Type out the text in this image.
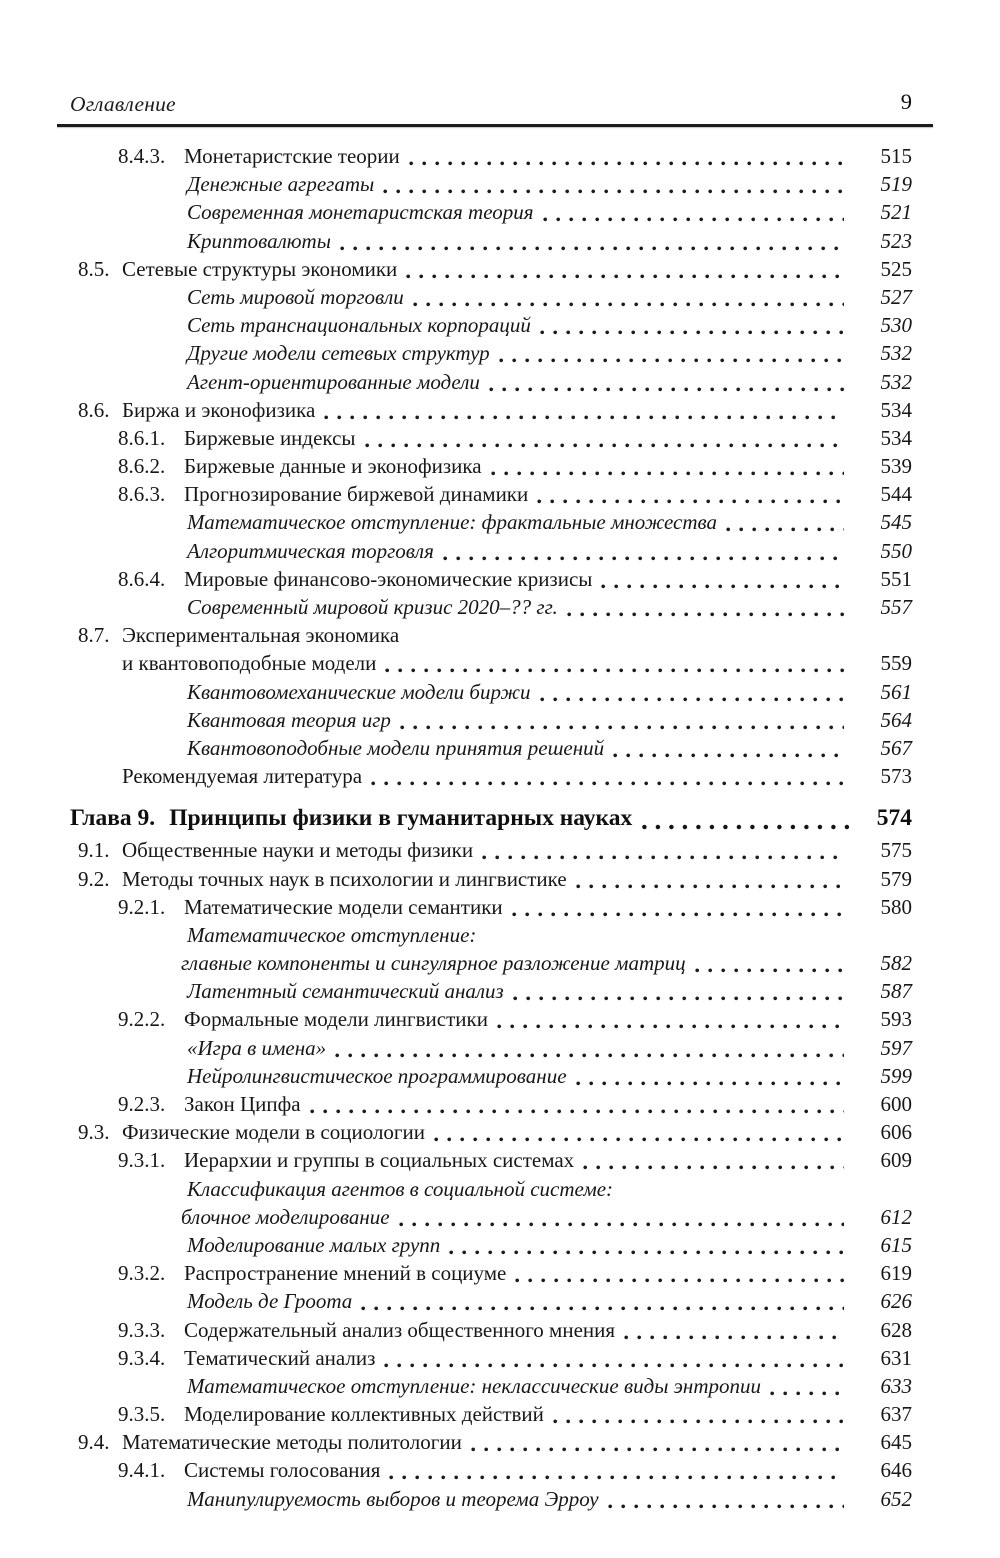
Оглавление	9
8.4.3. Монетаристские теории	515
Денежные агрегаты	519
Современная монетаристская теория	521
Криптовалюты	523
8.5. Сетевые структуры экономики	525
Сеть мировой торговли	527
Сеть транснациональных корпораций	530
Другие модели сетевых структур	532
Агент-ориентированные модели	532
8.6. Биржа и эконофизика	534
8.6.1. Биржевые индексы	534
8.6.2. Биржевые данные и эконофизика	539
8.6.3. Прогнозирование биржевой динамики	544
Математическое отступление: фрактальные множества	545
Алгоритмическая торговля	550
8.6.4. Мировые финансово-экономические кризисы	551
Современный мировой кризис 2020–?? гг.	557
8.7. Экспериментальная экономика
и квантовоподобные модели	559
Квантовомеханические модели биржи	561
Квантовая теория игр	564
Квантовоподобные модели принятия решений	567
Рекомендуемая литература	573
Глава 9. Принципы физики в гуманитарных науках	574
9.1. Общественные науки и методы физики	575
9.2. Методы точных наук в психологии и лингвистике	579
9.2.1. Математические модели семантики	580
Математическое отступление:
главные компоненты и сингулярное разложение матриц	582
Латентный семантический анализ	587
9.2.2. Формальные модели лингвистики	593
«Игра в имена»	597
Нейролингвистическое программирование	599
9.2.3. Закон Ципфа	600
9.3. Физические модели в социологии	606
9.3.1. Иерархии и группы в социальных системах	609
Классификация агентов в социальной системе:
блочное моделирование	612
Моделирование малых групп	615
9.3.2. Распространение мнений в социуме	619
Модель де Гроота	626
9.3.3. Содержательный анализ общественного мнения	628
9.3.4. Тематический анализ	631
Математическое отступление: неклассические виды энтропии	633
9.3.5. Моделирование коллективных действий	637
9.4. Математические методы политологии	645
9.4.1. Системы голосования	646
Манипулируемость выборов и теорема Эрроу	652
